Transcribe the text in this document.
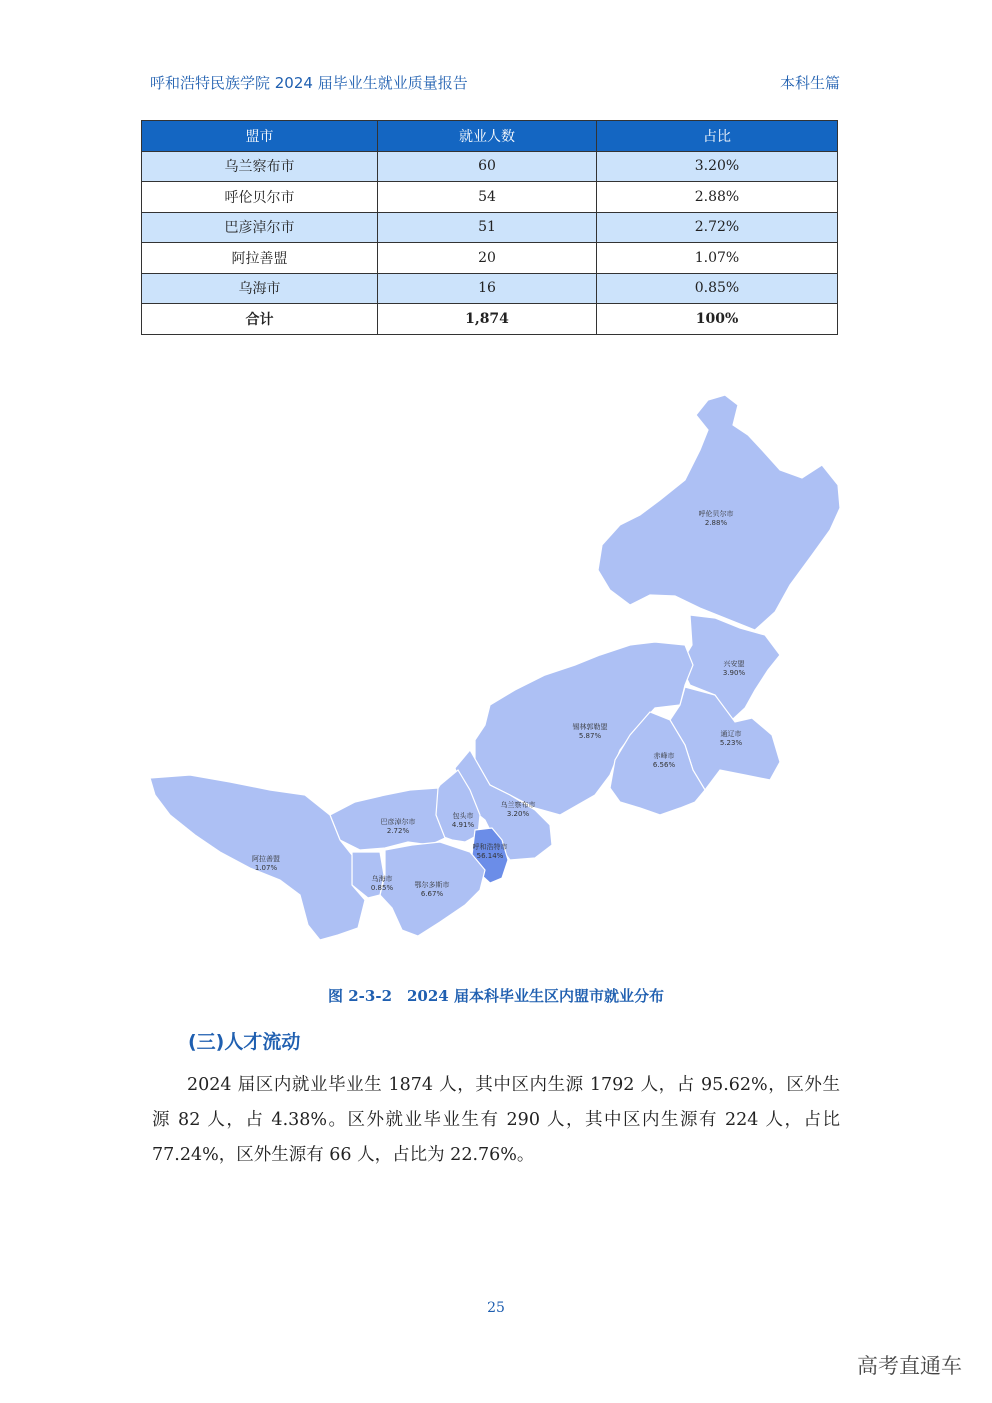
呼和浩特民族学院 2024 届毕业生就业质量报告	本科生篇
盟市	就业人数	占比
乌兰察布市	60	3.20%
呼伦贝尔市	54	2.88%
巴彦淖尔市	51	2.72%
阿拉善盟	20	1.07%
乌海市	16	0.85%
合计	1,874	100%
呼伦贝尔市
2.88%
兴安盟
3.90%
锡林郭勒盟
5.87%	通辽市
5.23%
赤峰市
6.56%
乌兰察布市
3.20%
包头市
4.91%
呼和浩特市
56.14%
巴彦淖尔市
2.72%
阿拉善盟
1.07%
乌海市
0.85%	鄂尔多斯市
6.67%
图 2-3-2　2024 届本科毕业生区内盟市就业分布
(三)人才流动

2024 届区内就业毕业生 1874 人，其中区内生源 1792 人，占 95.62%，区外生源 82 人，占 4.38%。区外就业毕业生有 290 人，其中区内生源有 224 人，占比 77.24%，区外生源有 66 人，占比为 22.76%。

25
高考直通车
